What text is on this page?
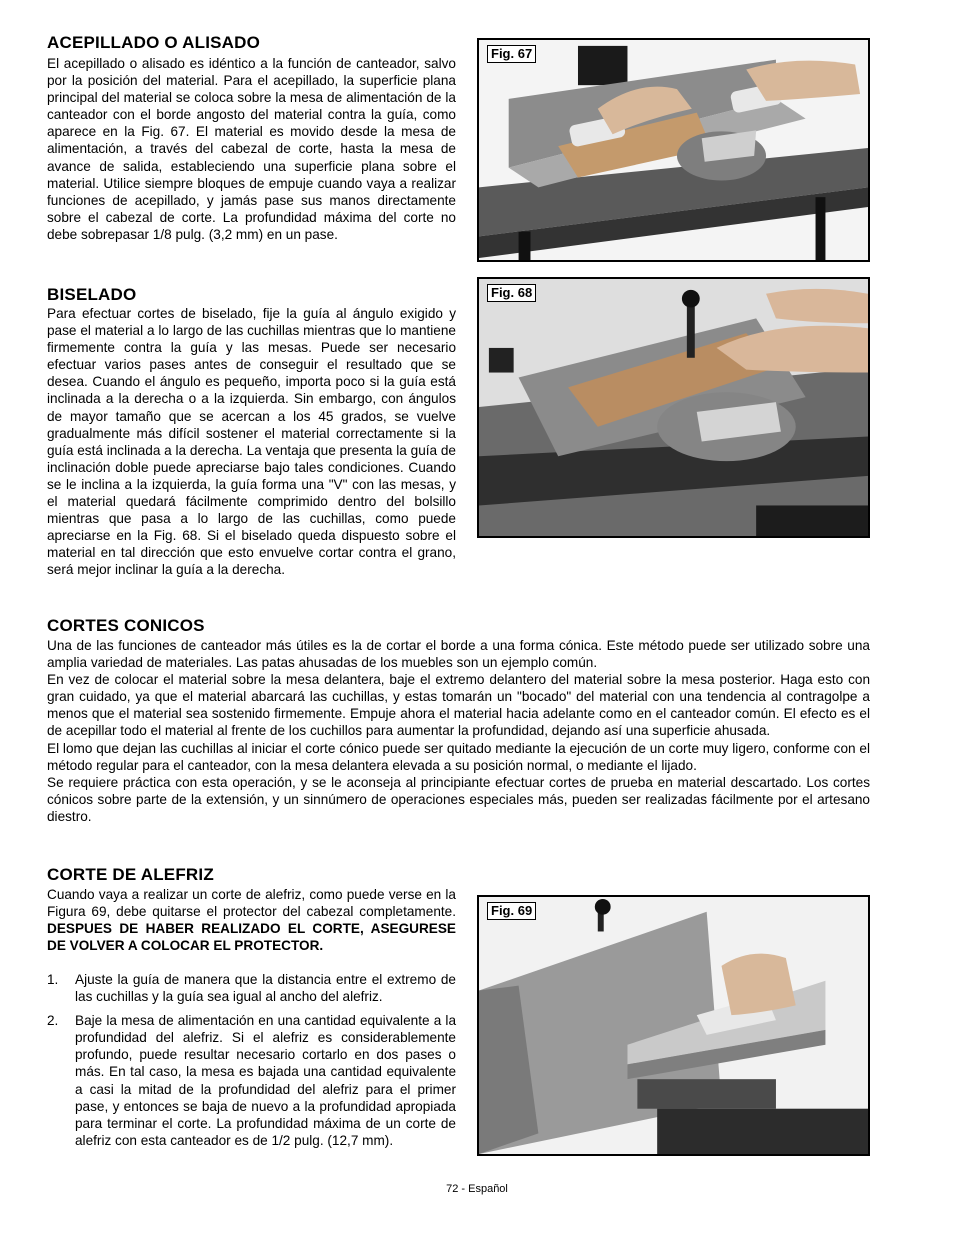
ACEPILLADO O ALISADO

El acepillado o alisado es idéntico a la función de canteador, salvo por la posición del material. Para el acepillado, la superficie plana principal del material se coloca sobre la mesa de alimentación de la canteador con el borde angosto del material contra la guía, como aparece en la Fig. 67. El material es movido desde la mesa de alimentación, a través del cabezal de corte, hasta la mesa de avance de salida, estableciendo una superficie plana sobre el material. Utilice siempre bloques de empuje cuando vaya a realizar funciones de acepillado, y jamás pase sus manos directamente sobre el cabezal de corte. La profundidad máxima del corte no debe sobrepasar 1/8 pulg. (3,2 mm) en un pase.

BISELADO

Para efectuar cortes de biselado, fije la guía al ángulo exigido y pase el material a lo largo de las cuchillas mientras que lo mantiene firmemente contra la guía y las mesas. Puede ser necesario efectuar varios pases antes de conseguir el resultado que se desea. Cuando el ángulo es pequeño, importa poco si la guía está inclinada a la derecha o a la izquierda. Sin embargo, con ángulos de mayor tamaño que se acercan a los 45 grados, se vuelve gradualmente más difícil sostener el material correctamente si la guía está inclinada a la derecha. La ventaja que presenta la guía de inclinación doble puede apreciarse bajo tales condiciones. Cuando se le inclina a la izquierda, la guía forma una "V" con las mesas, y el material quedará fácilmente comprimido dentro del bolsillo mientras que pasa a lo largo de las cuchillas, como puede apreciarse en la Fig. 68. Si el biselado queda dispuesto sobre el material en tal dirección que esto envuelve cortar contra el grano, será mejor inclinar la guía a la derecha.

CORTES CONICOS
Una de las funciones de canteador más útiles es la de cortar el borde a una forma cónica. Este método puede ser utilizado sobre una amplia variedad de materiales. Las patas ahusadas de los muebles son un ejemplo común.
En vez de colocar el material sobre la mesa delantera, baje el extremo delantero del material sobre la mesa posterior. Haga esto con gran cuidado, ya que el material abarcará las cuchillas, y estas tomarán un "bocado" del material con una tendencia al contragolpe a menos que el material sea sostenido firmemente. Empuje ahora el material hacia adelante como en el canteador común. El efecto es el de acepillar todo el material al frente de los cuchillos para aumentar la profundidad, dejando así una superficie ahusada.
El lomo que dejan las cuchillas al iniciar el corte cónico puede ser quitado mediante la ejecución de un corte muy ligero, conforme con el método regular para el canteador, con la mesa delantera elevada a su posición normal, o mediante el lijado.
Se requiere práctica con esta operación, y se le aconseja al principiante efectuar cortes de prueba en material descartado. Los cortes cónicos sobre parte de la extensión, y un sinnúmero de operaciones especiales más, pueden ser realizadas fácilmente por el artesano diestro.
CORTE DE ALEFRIZ

Cuando vaya a realizar un corte de alefriz, como puede verse en la Figura 69, debe quitarse el protector del cabezal completamente. DESPUES DE HABER REALIZADO EL CORTE, ASEGURESE DE VOLVER A COLOCAR EL PROTECTOR.

1. Ajuste la guía de manera que la distancia entre el extremo de las cuchillas y la guía sea igual al ancho del alefriz.
2. Baje la mesa de alimentación en una cantidad equivalente a la profundidad del alefriz. Si el alefriz es considerablemente profundo, puede resultar necesario cortarlo en dos pases o más. En tal caso, la mesa es bajada una cantidad equivalente a casi la mitad de la profundidad del alefriz para el primer pase, y entonces se baja de nuevo a la profundidad apropiada para terminar el corte. La profundidad máxima de un corte de alefriz con esta canteador es de 1/2 pulg. (12,7 mm).
Fig. 67
Fig. 68
Fig. 69
72 - Español
